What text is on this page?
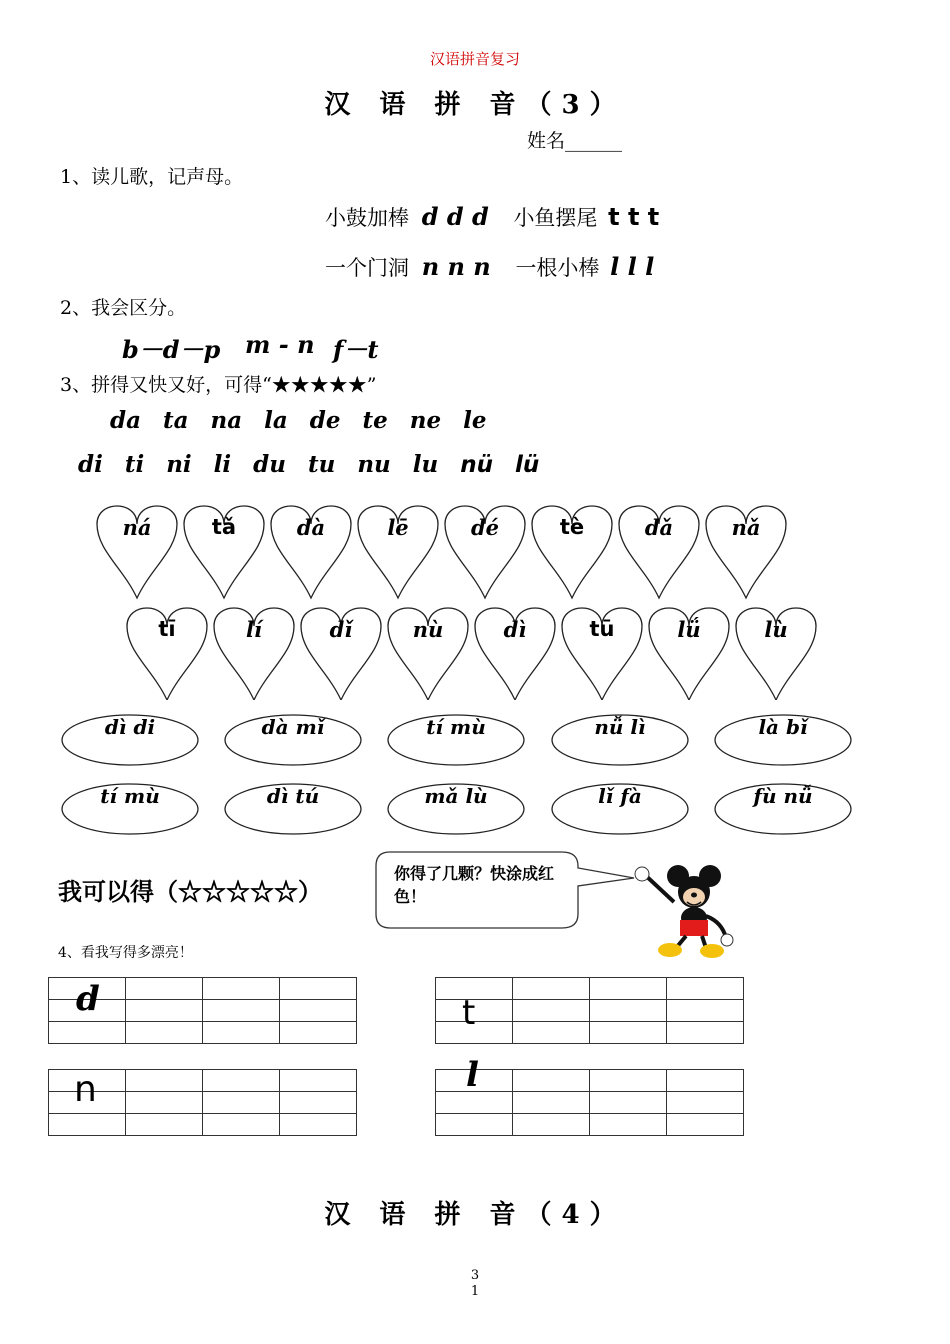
汉语拼音复习
汉 语 拼 音（3）
姓名______
1、读儿歌，记声母。
小鼓加棒 d d d 小鱼摆尾 t t t
一个门洞 n n n 一根小棒 l l l
2、我会区分。
b－d－p m - n f－t
3、拼得又快又好，可得“★★★★★”
da ta na la de te ne le
di ti ni li du tu nu lu nü lü
ná	tǎ	dà	lē	dé	tè	dǎ	nǎ
tī	lí	dǐ	nù	dì	tū	lǘ	lù
dì di	dà mǐ	tí mù	nǚ lì	là bǐ
tí mù	dì tú	mǎ lù	lǐ fà	fù nǚ
我可以得（☆☆☆☆☆）
你得了几颗？快涂成红色！
4、看我写得多漂亮！

d

				t

n

				l
汉 语 拼 音（4）
3
1
